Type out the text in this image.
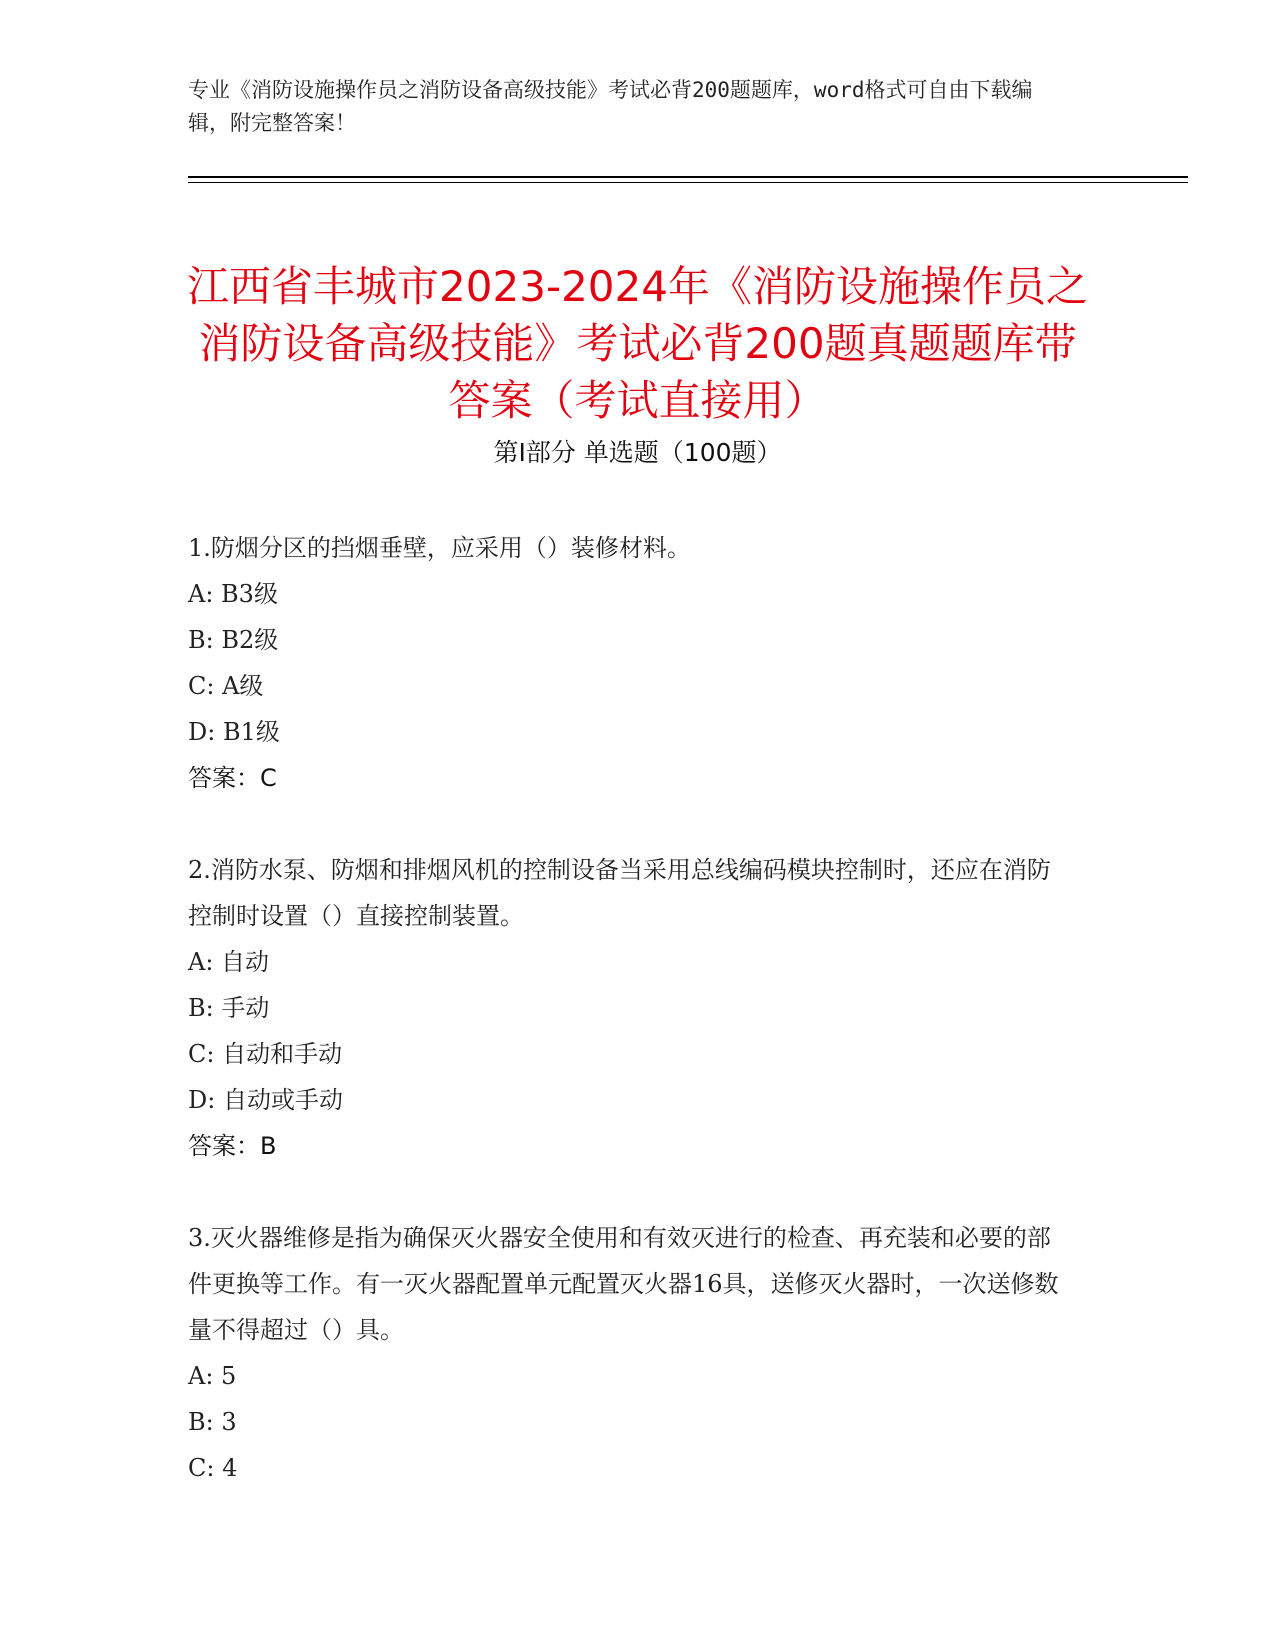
专业《消防设施操作员之消防设备高级技能》考试必背200题题库，word格式可自由下载编辑，附完整答案！
江西省丰城市2023-2024年《消防设施操作员之消防设备高级技能》考试必背200题真题题库带答案（考试直接用）
第I部分 单选题（100题）

1.防烟分区的挡烟垂壁，应采用（）装修材料。

A: B3级
B: B2级
C: A级
D: B1级
答案：C

2.消防水泵、防烟和排烟风机的控制设备当采用总线编码模块控制时，还应在消防控制时设置（）直接控制装置。

A: 自动
B: 手动
C: 自动和手动
D: 自动或手动
答案：B

3.灭火器维修是指为确保灭火器安全使用和有效灭进行的检查、再充装和必要的部件更换等工作。有一灭火器配置单元配置灭火器16具，送修灭火器时，一次送修数量不得超过（）具。

A: 5
B: 3
C: 4
